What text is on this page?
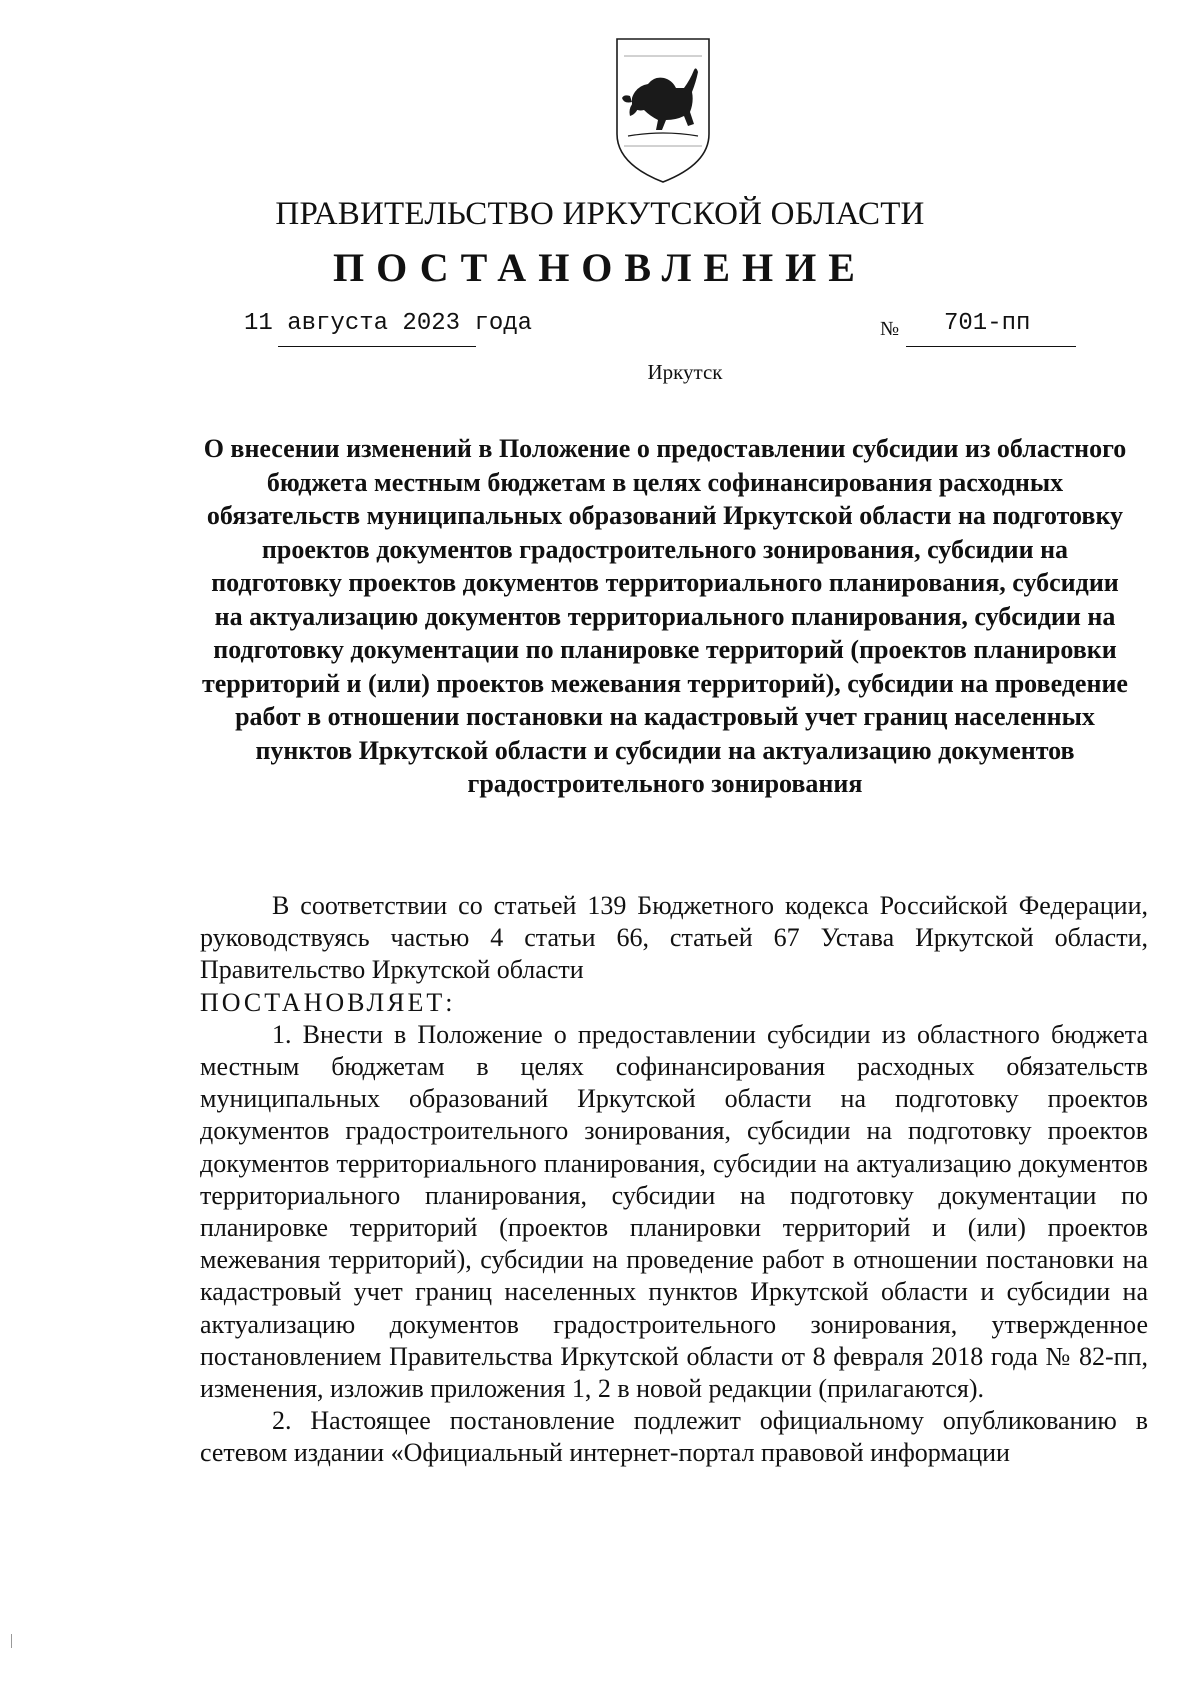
ПРАВИТЕЛЬСТВО ИРКУТСКОЙ ОБЛАСТИ
ПОСТАНОВЛЕНИЕ
11 августа 2023 года	№ 701-пп
Иркутск
О внесении изменений в Положение о предоставлении субсидии из областного бюджета местным бюджетам в целях софинансирования расходных обязательств муниципальных образований Иркутской области на подготовку проектов документов градостроительного зонирования, субсидии на подготовку проектов документов территориального планирования, субсидии на актуализацию документов территориального планирования, субсидии на подготовку документации по планировке территорий (проектов планировки территорий и (или) проектов межевания территорий), субсидии на проведение работ в отношении постановки на кадастровый учет границ населенных пунктов Иркутской области и субсидии на актуализацию документов градостроительного зонирования

В соответствии со статьей 139 Бюджетного кодекса Российской Федерации, руководствуясь частью 4 статьи 66, статьей 67 Устава Иркутской области, Правительство Иркутской области

ПОСТАНОВЛЯЕТ:

1. Внести в Положение о предоставлении субсидии из областного бюджета местным бюджетам в целях софинансирования расходных обязательств муниципальных образований Иркутской области на подготовку проектов документов градостроительного зонирования, субсидии на подготовку проектов документов территориального планирования, субсидии на актуализацию документов территориального планирования, субсидии на подготовку документации по планировке территорий (проектов планировки территорий и (или) проектов межевания территорий), субсидии на проведение работ в отношении постановки на кадастровый учет границ населенных пунктов Иркутской области и субсидии на актуализацию документов градостроительного зонирования, утвержденное постановлением Правительства Иркутской области от 8 февраля 2018 года № 82-пп, изменения, изложив приложения 1, 2 в новой редакции (прилагаются).

2. Настоящее постановление подлежит официальному опубликованию в сетевом издании «Официальный интернет-портал правовой информации
